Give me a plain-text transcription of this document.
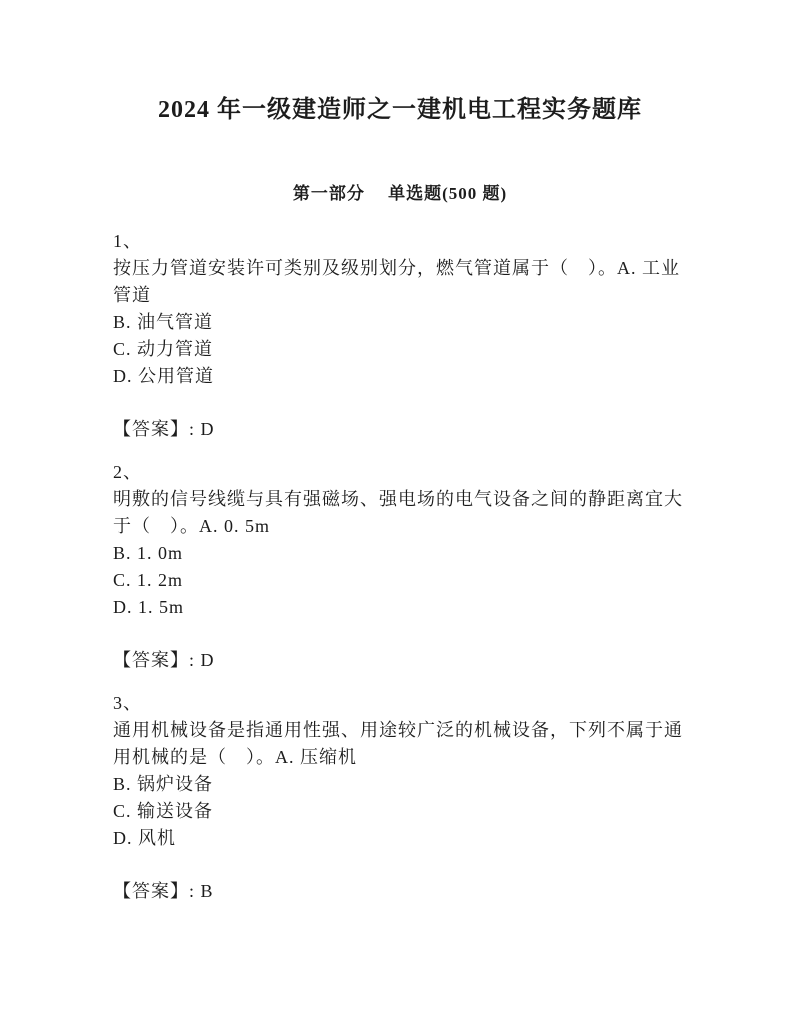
2024 年一级建造师之一建机电工程实务题库
第一部分　 单选题(500 题)
1、
按压力管道安装许可类别及级别划分，燃气管道属于（　）。A. 工业
管道
B. 油气管道
C. 动力管道
D. 公用管道
【答案】: D
2、
明敷的信号线缆与具有强磁场、强电场的电气设备之间的静距离宜大
于（　）。A. 0. 5m
B. 1. 0m
C. 1. 2m
D. 1. 5m
【答案】: D
3、
通用机械设备是指通用性强、用途较广泛的机械设备，下列不属于通
用机械的是（　）。A. 压缩机
B. 锅炉设备
C. 输送设备
D. 风机
【答案】: B
